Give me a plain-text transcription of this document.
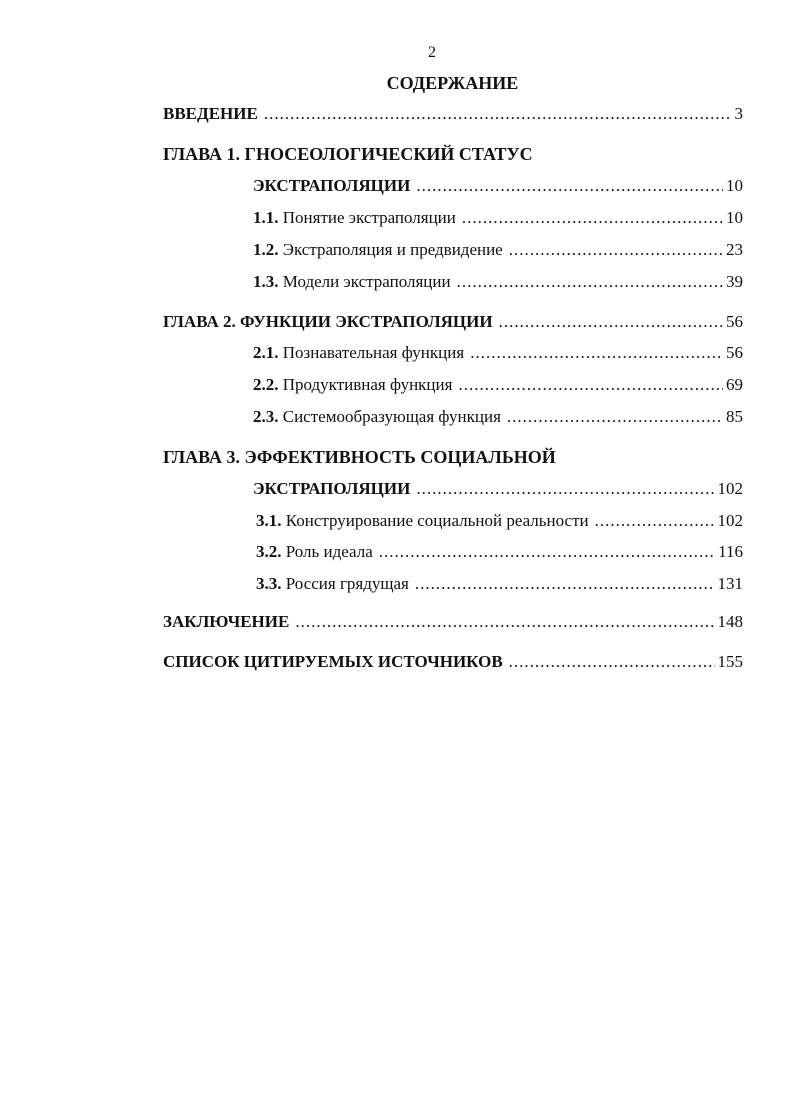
2
СОДЕРЖАНИЕ
ВВЕДЕНИЕ .....	3
ГЛАВА 1. ГНОСЕОЛОГИЧЕСКИЙ СТАТУС
ЭКСТРАПОЛЯЦИИ .....	10
1.1. Понятие экстраполяции .....	10
1.2. Экстраполяция и предвидение .....	23
1.3. Модели экстраполяции .....	39
ГЛАВА 2. ФУНКЦИИ ЭКСТРАПОЛЯЦИИ .....	56
2.1. Познавательная функция .....	56
2.2. Продуктивная функция .....	69
2.3. Системообразующая функция .....	85
ГЛАВА 3. ЭФФЕКТИВНОСТЬ СОЦИАЛЬНОЙ
ЭКСТРАПОЛЯЦИИ .....	102
3.1. Конструирование социальной реальности .....	102
3.2. Роль идеала .....	116
3.3. Россия грядущая .....	131
ЗАКЛЮЧЕНИЕ .....	148
СПИСОК ЦИТИРУЕМЫХ ИСТОЧНИКОВ .....	155
